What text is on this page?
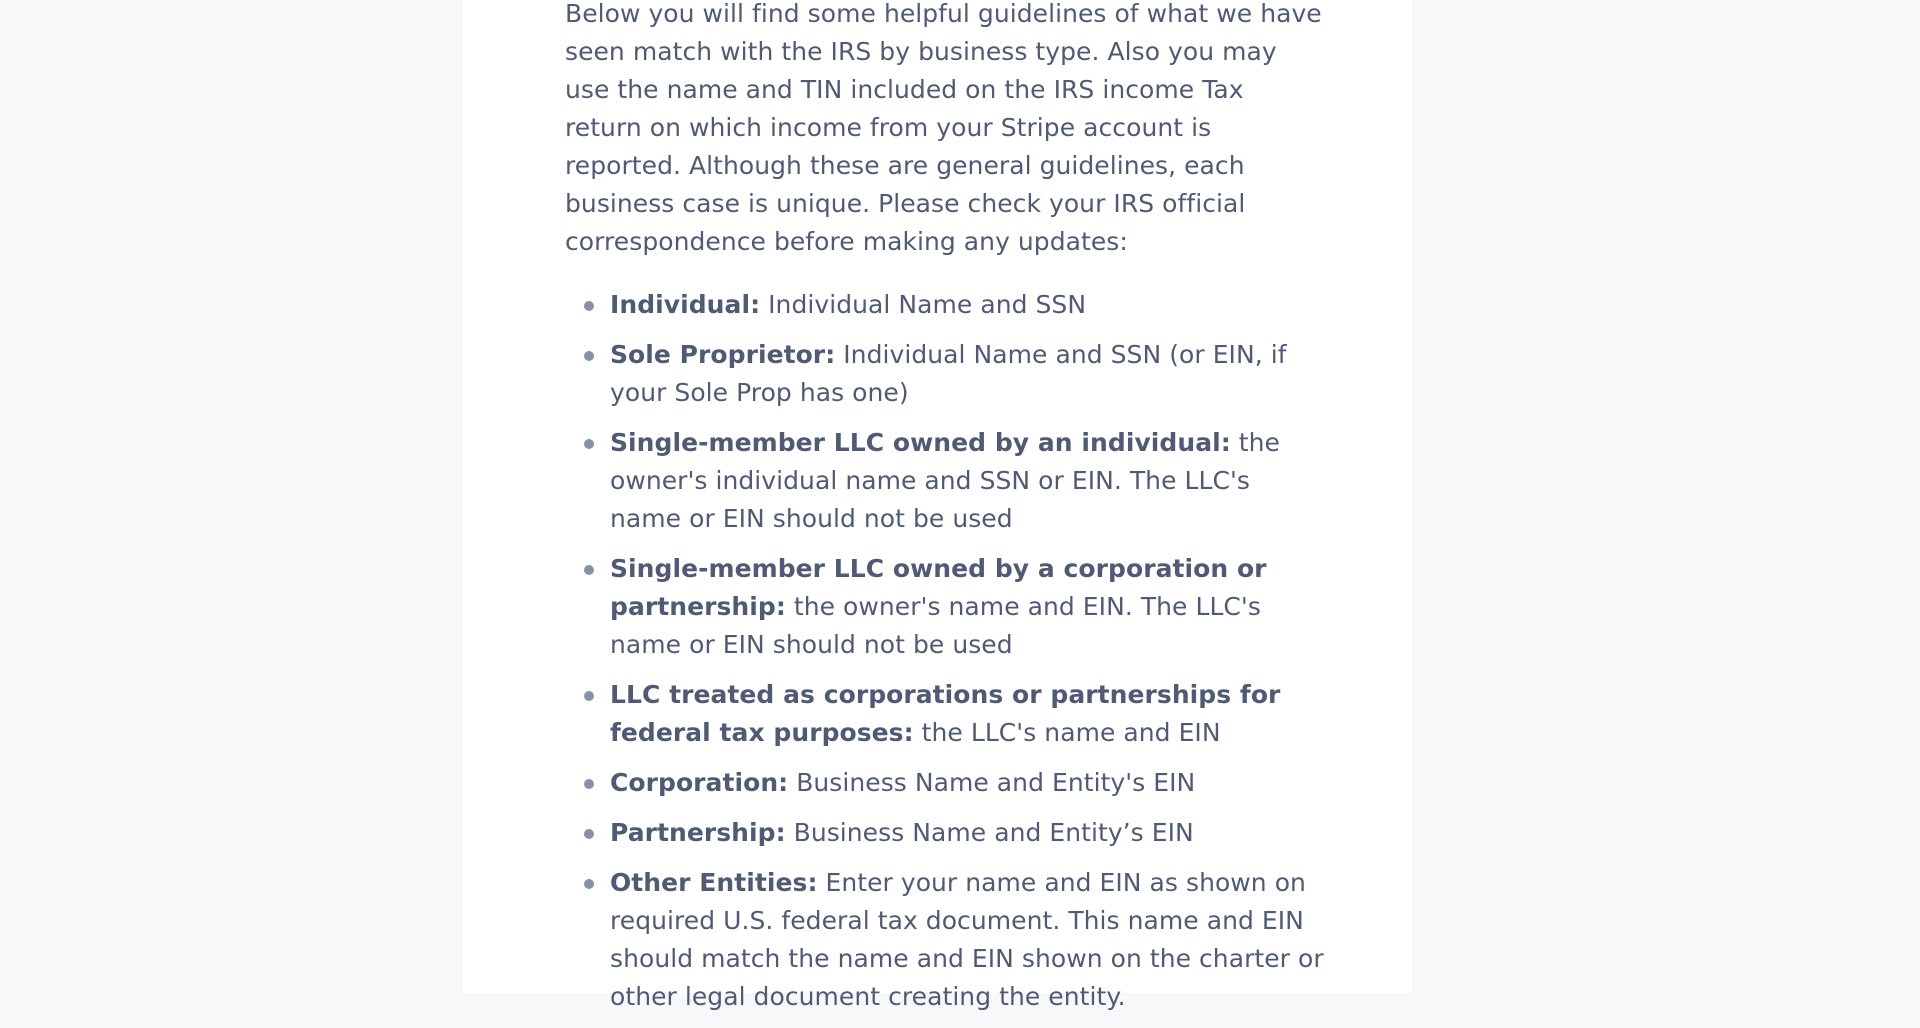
Below you will find some helpful guidelines of what we have seen match with the IRS by business type. Also you may use the name and TIN included on the IRS income Tax return on which income from your Stripe account is reported. Although these are general guidelines, each business case is unique. Please check your IRS official correspondence before making any updates:

Individual: Individual Name and SSN
Sole Proprietor: Individual Name and SSN (or EIN, if your Sole Prop has one)
Single-member LLC owned by an individual: the owner's individual name and SSN or EIN. The LLC's name or EIN should not be used
Single-member LLC owned by a corporation or partnership: the owner's name and EIN. The LLC's name or EIN should not be used
LLC treated as corporations or partnerships for federal tax purposes: the LLC's name and EIN
Corporation: Business Name and Entity's EIN
Partnership: Business Name and Entity’s EIN
Other Entities: Enter your name and EIN as shown on required U.S. federal tax document. This name and EIN should match the name and EIN shown on the charter or other legal document creating the entity.
